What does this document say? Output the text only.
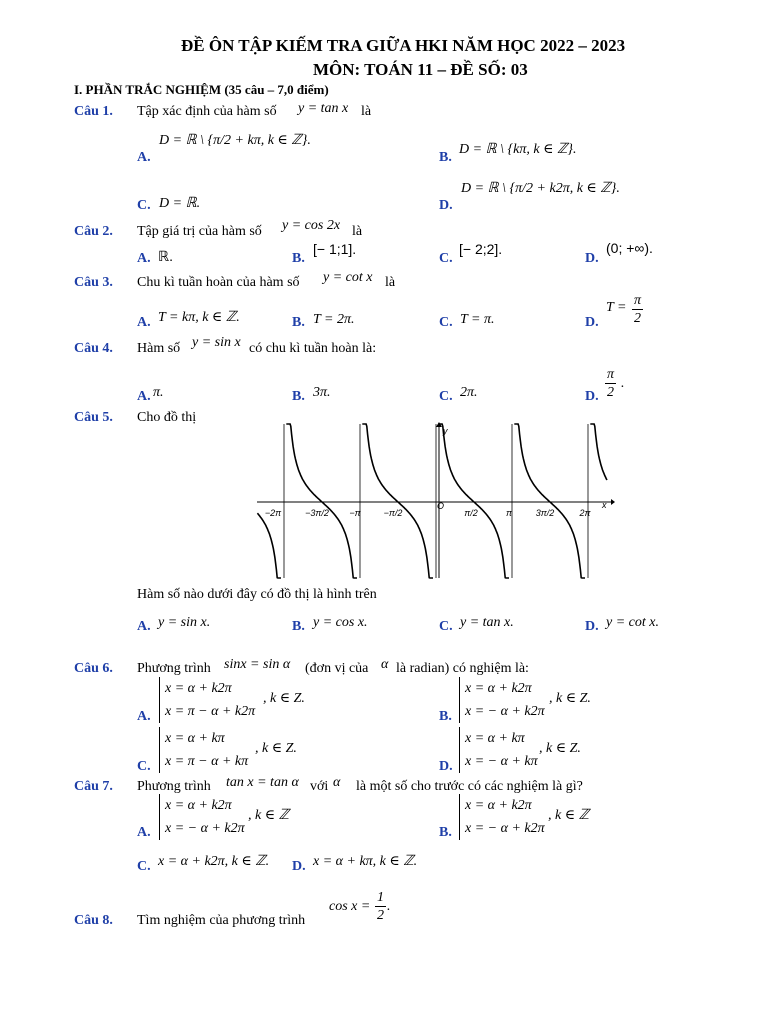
ĐỀ ÔN TẬP KIẾM TRA GIỮA HKI NĂM HỌC 2022 – 2023
MÔN: TOÁN 11 – ĐỀ SỐ: 03
I. PHẦN TRẮC NGHIỆM (35 câu – 7,0 điểm)
Câu 1. Tập xác định của hàm số y = tan x là
A.
D = ℝ \ {π/2 + kπ, k ∈ ℤ}.
B.
D = ℝ \ {kπ, k ∈ ℤ}.
C. D = ℝ.	D.
D = ℝ \ {π/2 + k2π, k ∈ ℤ}.
Câu 2. Tập giá trị của hàm số y = cos 2x là
A. ℝ.	B.
[− 1;1].
C.
[− 2;2].
D.
(0; +∞).
Câu 3. Chu kì tuần hoàn của hàm số y = cot x là
A. T = kπ, k ∈ ℤ.	B. T = 2π.	C. T = π.	D.
$T = \frac{\pi}{2}$
Câu 4. Hàm số y = sin x có chu kì tuần hoàn là:
A. π.	B. 3π.	C. 2π.	D. $\frac{\pi}{2}$ .
Câu 5. Cho đồ thị
y
x
O
−2π	−3π/2 −π	−π/2	π/2	π	3π/2	2π
Hàm số nào dưới đây có đồ thị là hình trên
A. y = sin x.	B. y = cos x.	C. y = tan x.	D. y = cot x.
Câu 6. Phương trình sinx = sin α (đơn vị của α là radian) có nghiệm là:
A.
x = α + k2π
x = π − α + k2π
, k ∈ Z.
B.
x = α + k2π
x = − α + k2π
, k ∈ Z.
C.
x = α + kπ
x = π − α + kπ
, k ∈ Z.
D.
x = α + kπ
x = − α + kπ
, k ∈ Z.
Câu 7. Phương trình tan x = tan α với α là một số cho trước có các nghiệm là gì?
A.
x = α + k2π
x = − α + k2π
, k ∈ ℤ
B.
x = α + k2π
x = − α + k2π
, k ∈ ℤ
C. x = α + k2π, k ∈ ℤ. D. x = α + kπ, k ∈ ℤ.
Câu 8. Tìm nghiệm của phương trình
$\cos x = \frac{1}{2}$ .
